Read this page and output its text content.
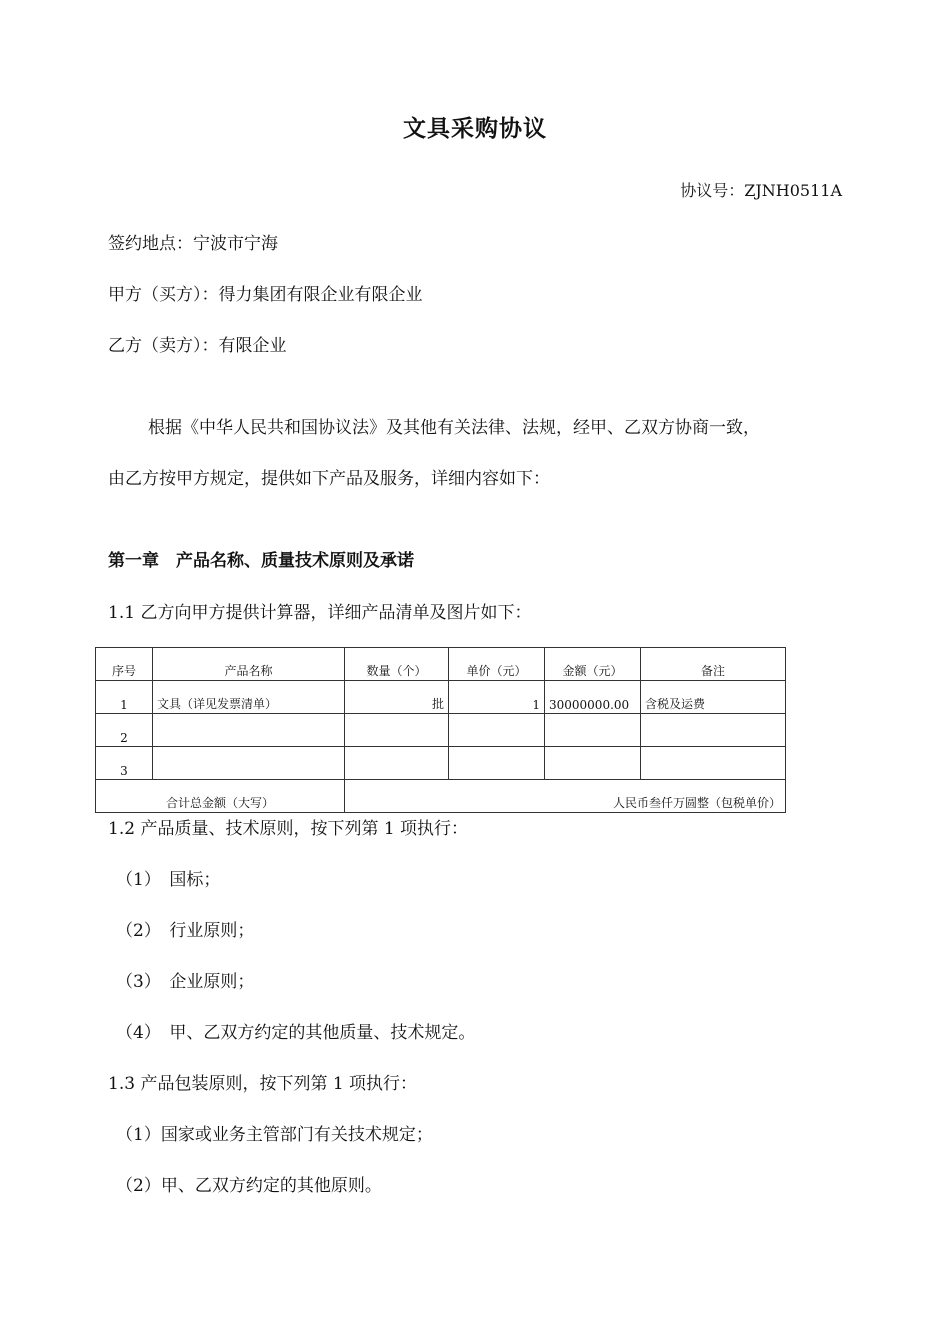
文具采购协议
协议号：ZJNH0511A
签约地点：宁波市宁海
甲方（买方）：得力集团有限企业有限企业
乙方（卖方）：有限企业
根据《中华人民共和国协议法》及其他有关法律、法规，经甲、乙双方协商一致，
由乙方按甲方规定，提供如下产品及服务，详细内容如下：
第一章　产品名称、质量技术原则及承诺
1.1 乙方向甲方提供计算器，详细产品清单及图片如下：
序号	产品名称	数量（个）	单价（元）	金额（元）	备注
1	文具（详见发票清单）	批	1	30000000.00	含税及运费
2					
3					
合计总金额（大写）		人民币叁仟万圆整（包税单价）			
1.2 产品质量、技术原则，按下列第 1 项执行：
（1）　国标；
（2）　行业原则；
（3）　企业原则；
（4）　甲、乙双方约定的其他质量、技术规定。
1.3 产品包装原则，按下列第 1 项执行：
（1）国家或业务主管部门有关技术规定；
（2）甲、乙双方约定的其他原则。
